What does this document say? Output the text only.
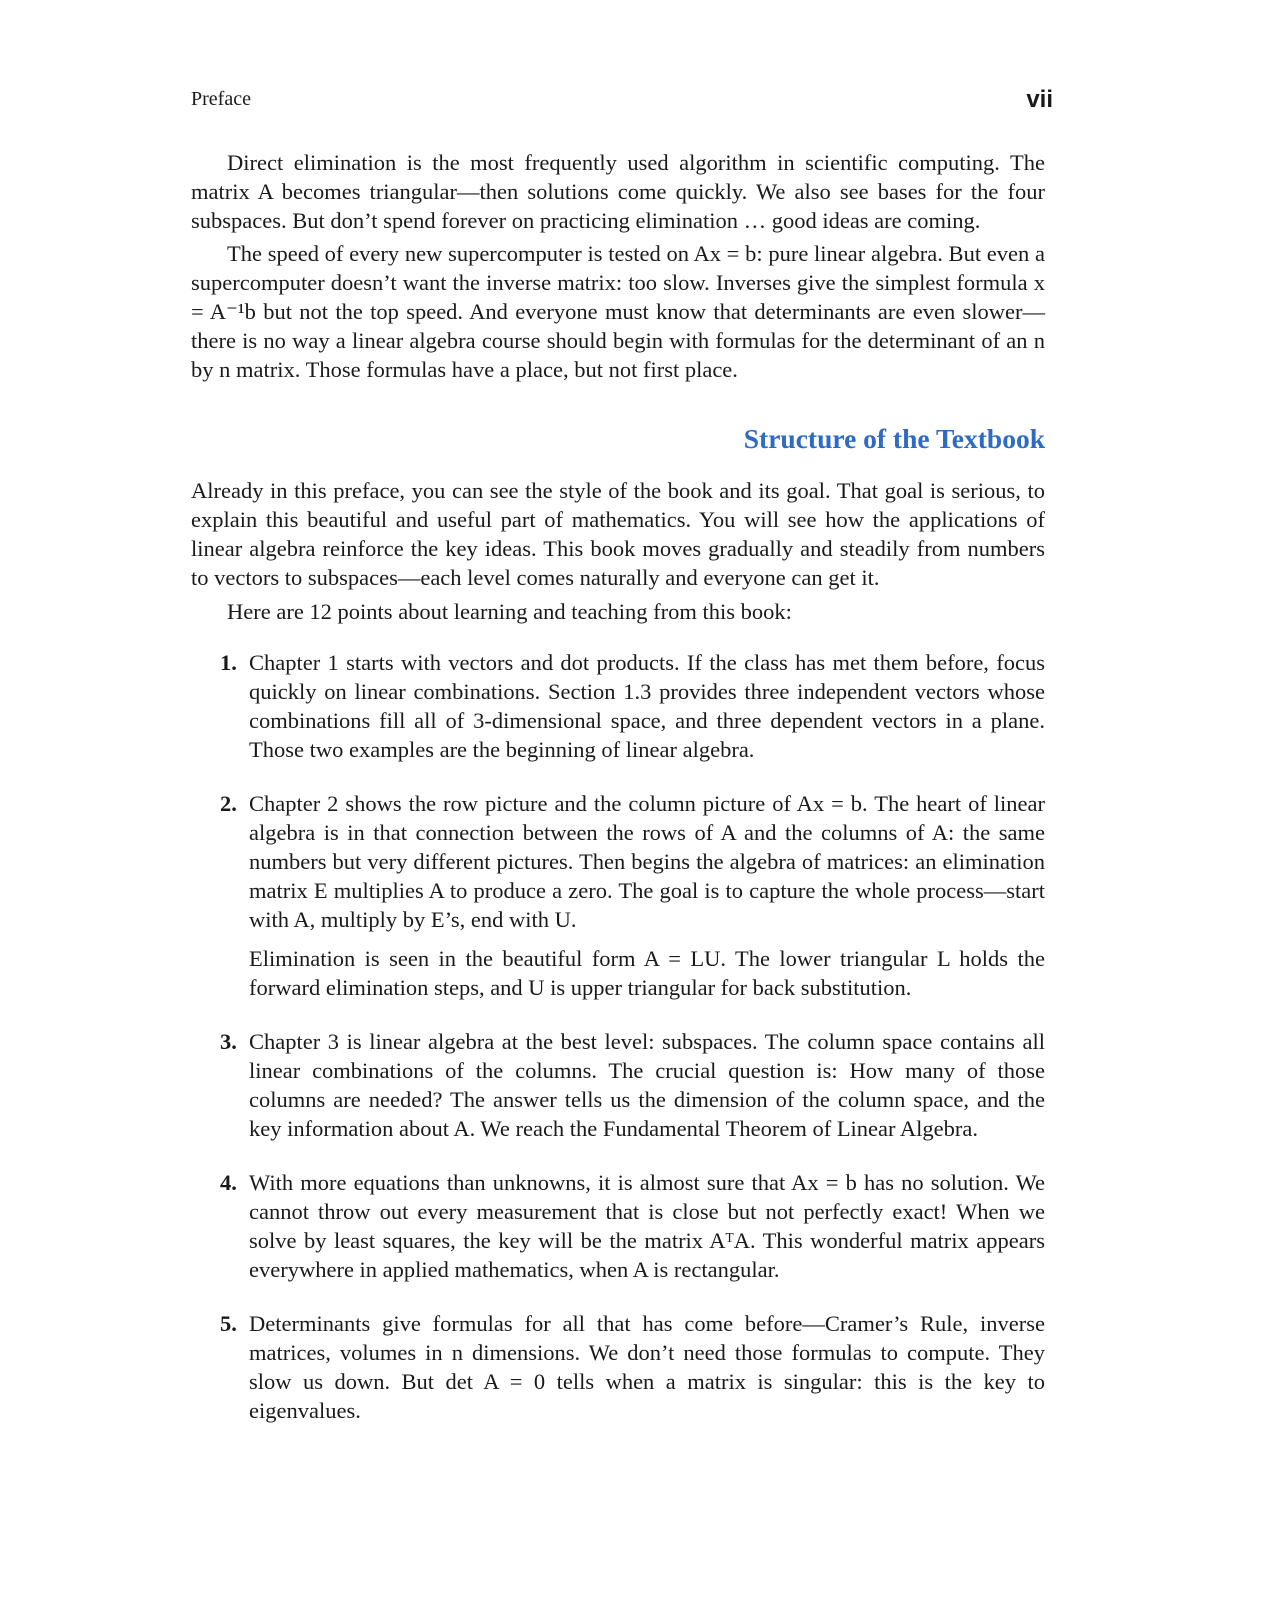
Preface	vii

Direct elimination is the most frequently used algorithm in scientific computing. The matrix A becomes triangular—then solutions come quickly. We also see bases for the four subspaces. But don’t spend forever on practicing elimination … good ideas are coming.

The speed of every new supercomputer is tested on Ax = b: pure linear algebra. But even a supercomputer doesn’t want the inverse matrix: too slow. Inverses give the simplest formula x = A⁻¹b but not the top speed. And everyone must know that determinants are even slower—there is no way a linear algebra course should begin with formulas for the determinant of an n by n matrix. Those formulas have a place, but not first place.

Structure of the Textbook

Already in this preface, you can see the style of the book and its goal. That goal is serious, to explain this beautiful and useful part of mathematics. You will see how the applications of linear algebra reinforce the key ideas. This book moves gradually and steadily from numbers to vectors to subspaces—each level comes naturally and everyone can get it.

Here are 12 points about learning and teaching from this book:

1. Chapter 1 starts with vectors and dot products. If the class has met them before, focus quickly on linear combinations. Section 1.3 provides three independent vectors whose combinations fill all of 3-dimensional space, and three dependent vectors in a plane. Those two examples are the beginning of linear algebra.

2. Chapter 2 shows the row picture and the column picture of Ax = b. The heart of linear algebra is in that connection between the rows of A and the columns of A: the same numbers but very different pictures. Then begins the algebra of matrices: an elimination matrix E multiplies A to produce a zero. The goal is to capture the whole process—start with A, multiply by E’s, end with U.

Elimination is seen in the beautiful form A = LU. The lower triangular L holds the forward elimination steps, and U is upper triangular for back substitution.

3. Chapter 3 is linear algebra at the best level: subspaces. The column space contains all linear combinations of the columns. The crucial question is: How many of those columns are needed? The answer tells us the dimension of the column space, and the key information about A. We reach the Fundamental Theorem of Linear Algebra.

4. With more equations than unknowns, it is almost sure that Ax = b has no solution. We cannot throw out every measurement that is close but not perfectly exact! When we solve by least squares, the key will be the matrix AᵀA. This wonderful matrix appears everywhere in applied mathematics, when A is rectangular.

5. Determinants give formulas for all that has come before—Cramer’s Rule, inverse matrices, volumes in n dimensions. We don’t need those formulas to compute. They slow us down. But det A = 0 tells when a matrix is singular: this is the key to eigenvalues.
